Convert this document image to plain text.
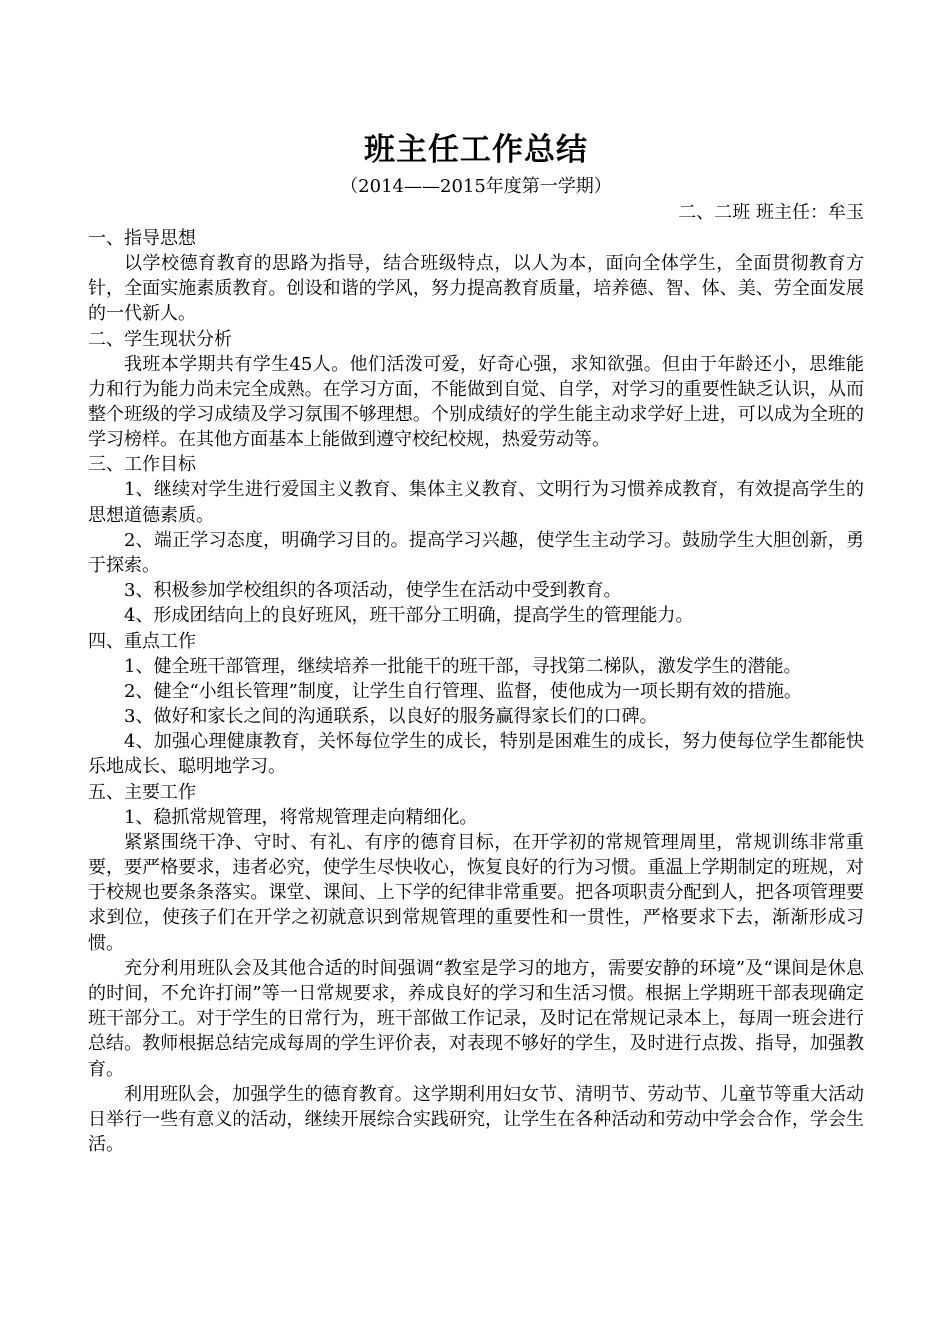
班主任工作总结

（2014——2015年度第一学期）

二、二班 班主任：牟玉

一、指导思想

以学校德育教育的思路为指导，结合班级特点，以人为本，面向全体学生，全面贯彻教育方针，全面实施素质教育。创设和谐的学风，努力提高教育质量，培养德、智、体、美、劳全面发展的一代新人。

二、学生现状分析

我班本学期共有学生45人。他们活泼可爱，好奇心强，求知欲强。但由于年龄还小，思维能力和行为能力尚未完全成熟。在学习方面，不能做到自觉、自学，对学习的重要性缺乏认识，从而整个班级的学习成绩及学习氛围不够理想。个别成绩好的学生能主动求学好上进，可以成为全班的学习榜样。在其他方面基本上能做到遵守校纪校规，热爱劳动等。

三、工作目标

1、继续对学生进行爱国主义教育、集体主义教育、文明行为习惯养成教育，有效提高学生的思想道德素质。

2、端正学习态度，明确学习目的。提高学习兴趣，使学生主动学习。鼓励学生大胆创新，勇于探索。

3、积极参加学校组织的各项活动，使学生在活动中受到教育。

4、形成团结向上的良好班风，班干部分工明确，提高学生的管理能力。

四、重点工作

1、健全班干部管理，继续培养一批能干的班干部，寻找第二梯队，激发学生的潜能。

2、健全“小组长管理”制度，让学生自行管理、监督，使他成为一项长期有效的措施。

3、做好和家长之间的沟通联系，以良好的服务赢得家长们的口碑。

4、加强心理健康教育，关怀每位学生的成长，特别是困难生的成长，努力使每位学生都能快乐地成长、聪明地学习。

五、主要工作

1、稳抓常规管理，将常规管理走向精细化。

紧紧围绕干净、守时、有礼、有序的德育目标，在开学初的常规管理周里，常规训练非常重要，要严格要求，违者必究，使学生尽快收心，恢复良好的行为习惯。重温上学期制定的班规，对于校规也要条条落实。课堂、课间、上下学的纪律非常重要。把各项职责分配到人，把各项管理要求到位，使孩子们在开学之初就意识到常规管理的重要性和一贯性，严格要求下去，渐渐形成习惯。

充分利用班队会及其他合适的时间强调“教室是学习的地方，需要安静的环境”及“课间是休息的时间，不允许打闹”等一日常规要求，养成良好的学习和生活习惯。根据上学期班干部表现确定班干部分工。对于学生的日常行为，班干部做工作记录，及时记在常规记录本上，每周一班会进行总结。教师根据总结完成每周的学生评价表，对表现不够好的学生，及时进行点拨、指导，加强教育。

利用班队会，加强学生的德育教育。这学期利用妇女节、清明节、劳动节、儿童节等重大活动日举行一些有意义的活动，继续开展综合实践研究，让学生在各种活动和劳动中学会合作，学会生活。
